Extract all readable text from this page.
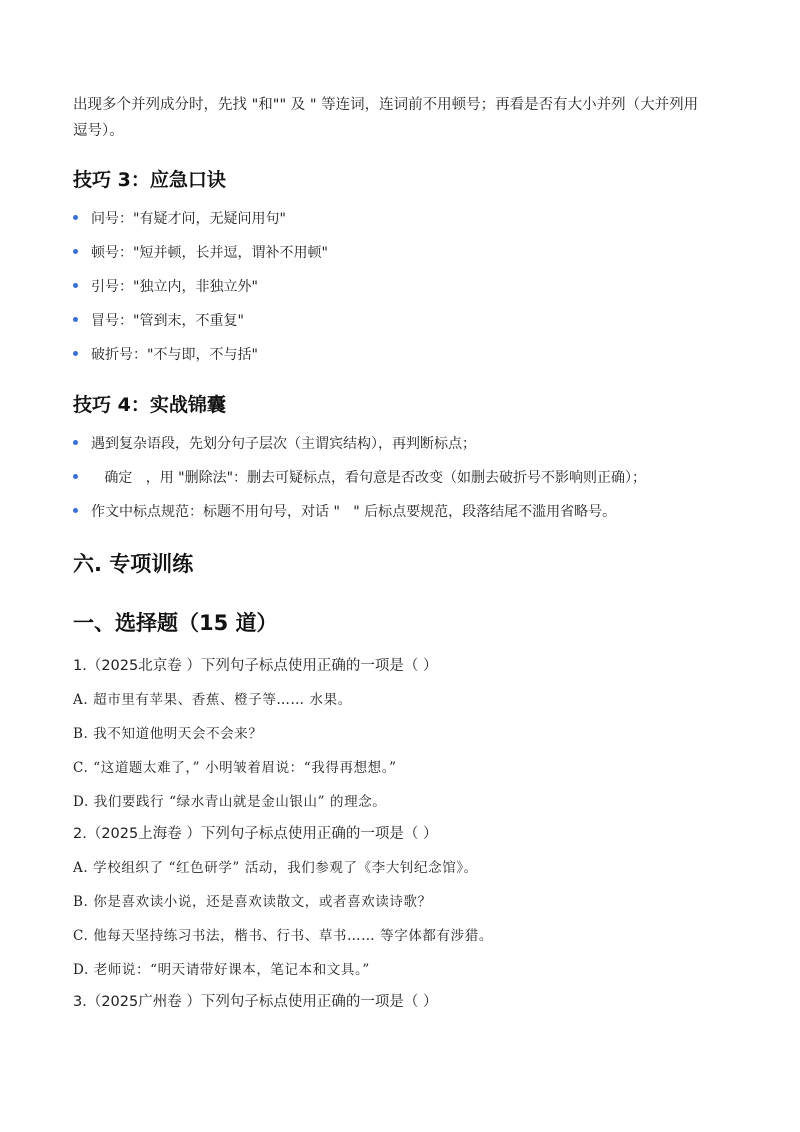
出现多个并列成分时，先找 "和"" 及 " 等连词，连词前不用顿号；再看是否有大小并列（大并列用
逗号）。
技巧 3：应急口诀
问号："有疑才问，无疑问用句"
顿号："短并顿，长并逗，谓补不用顿"
引号："独立内，非独立外"
冒号："管到末，不重复"
破折号："不与即，不与括"
技巧 4：实战锦囊
遇到复杂语段，先划分句子层次（主谓宾结构），再判断标点；
确定   ，用 "删除法"：删去可疑标点，看句意是否改变（如删去破折号不影响则正确）；
作文中标点规范：标题不用句号，对话 "   " 后标点要规范，段落结尾不滥用省略号。
六. 专项训练
一、选择题（15 道）
1.（2025北京卷 ）下列句子标点使用正确的一项是（ ）
A. 超市里有苹果、香蕉、橙子等…… 水果。
B. 我不知道他明天会不会来？
C. “这道题太难了，” 小明皱着眉说：“我得再想想。”
D. 我们要践行 “绿水青山就是金山银山” 的理念。
2.（2025上海卷 ）下列句子标点使用正确的一项是（ ）
A. 学校组织了 “红色研学” 活动，我们参观了《李大钊纪念馆》。
B. 你是喜欢读小说，还是喜欢读散文，或者喜欢读诗歌？
C. 他每天坚持练习书法，楷书、行书、草书…… 等字体都有涉猎。
D. 老师说：“明天请带好课本，笔记本和文具。”
3.（2025广州卷 ）下列句子标点使用正确的一项是（ ）
